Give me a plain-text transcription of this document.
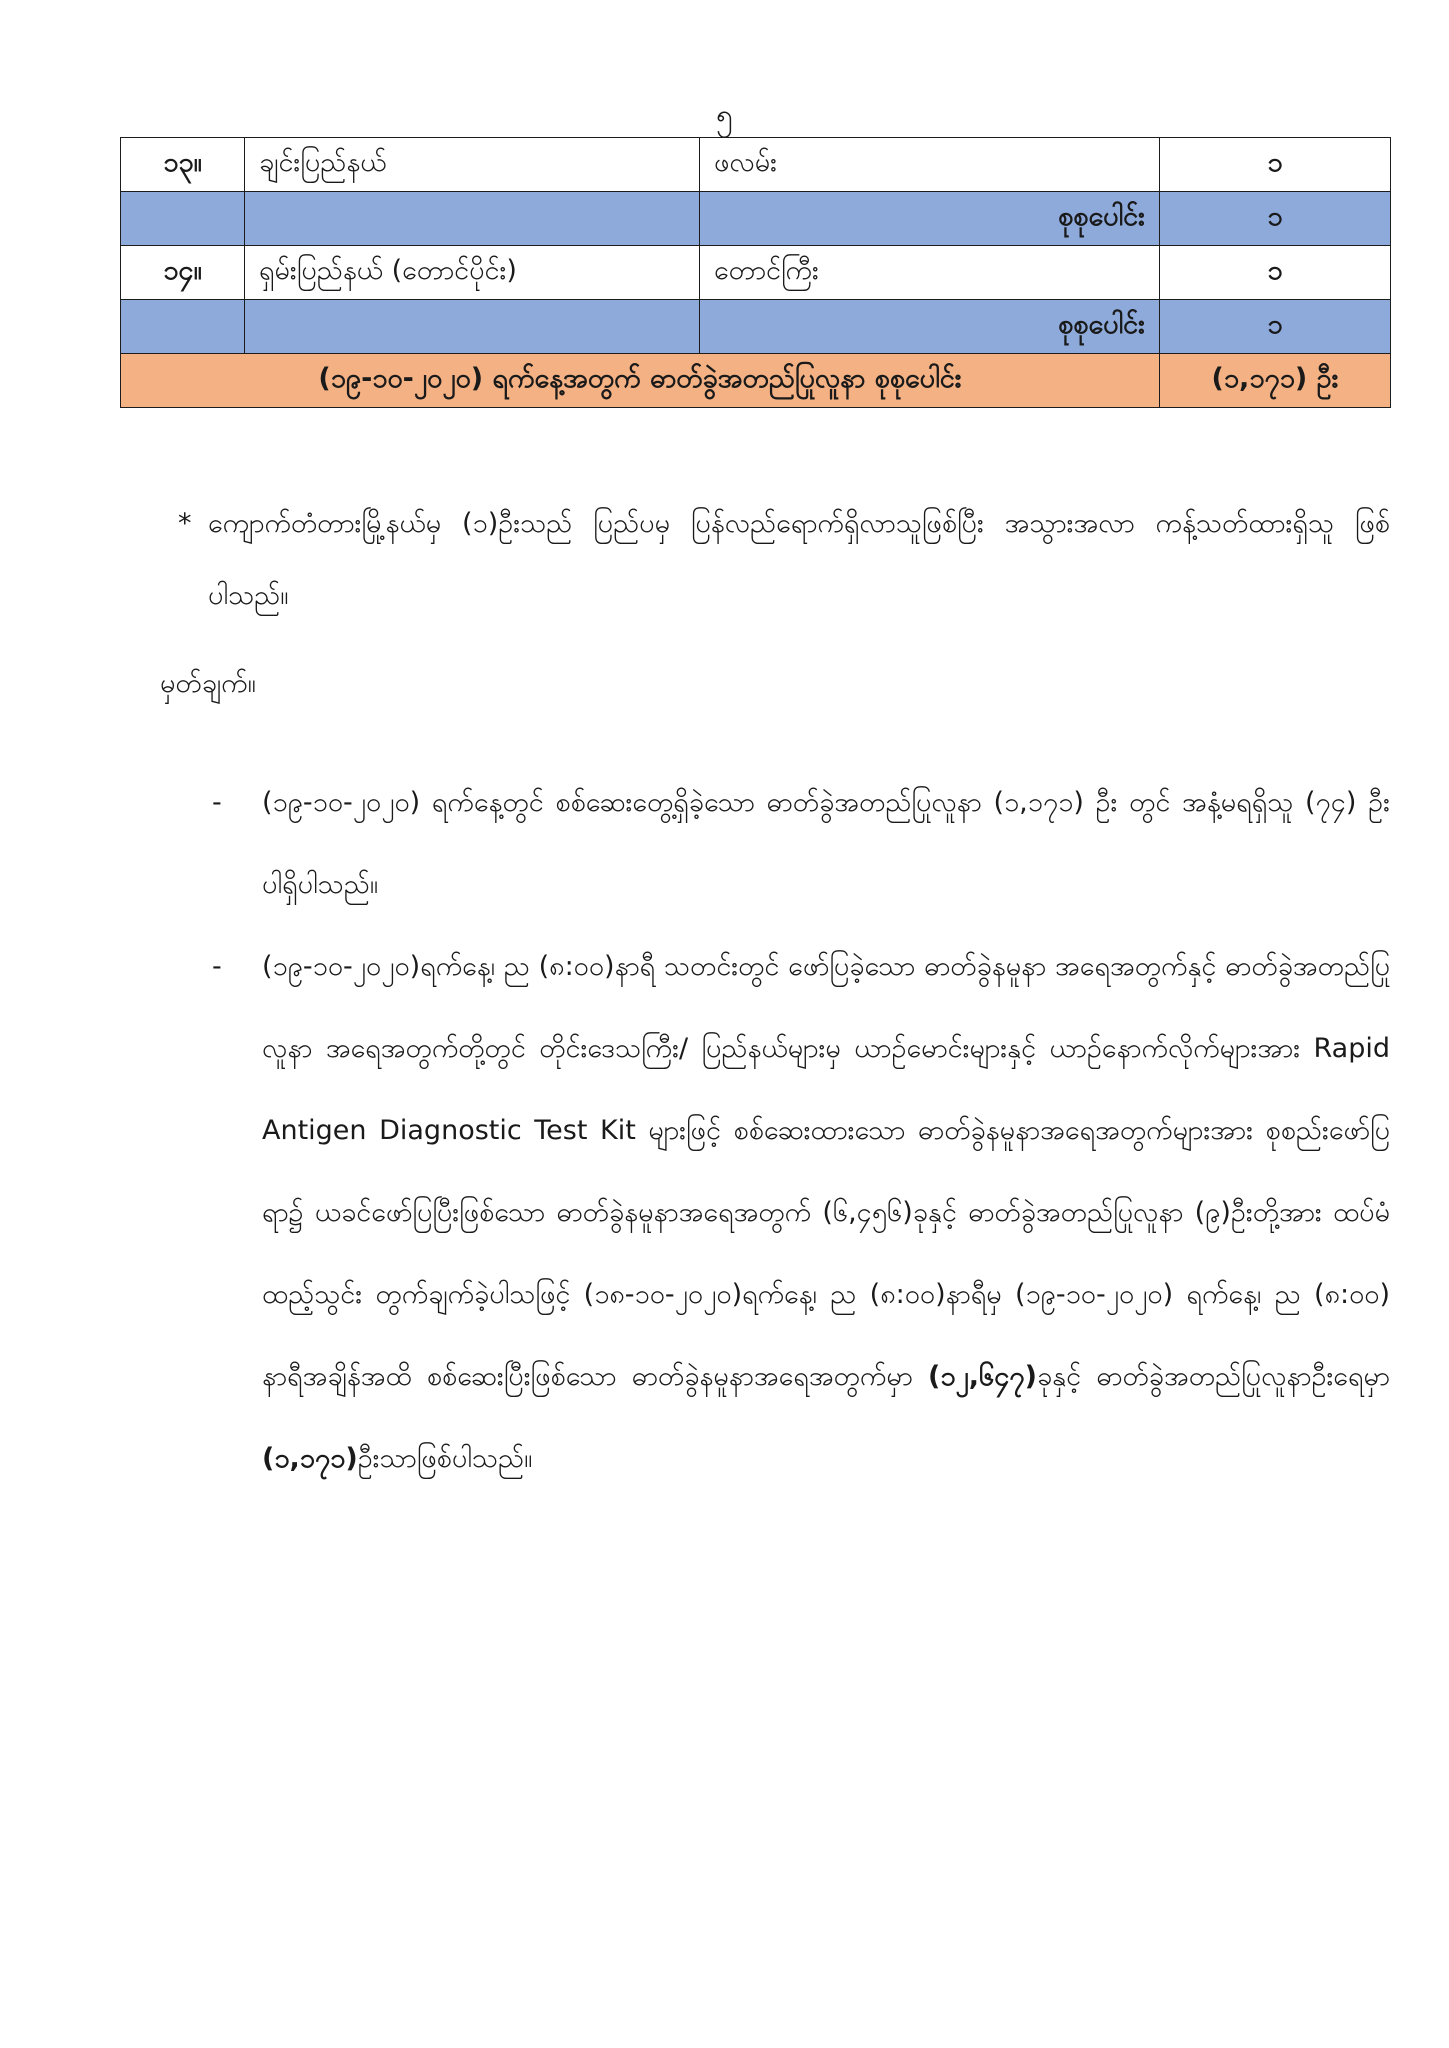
၅
၁၃။	ချင်းပြည်နယ်	ဖလမ်း	၁
		စုစုပေါင်း	၁
၁၄။	ရှမ်းပြည်နယ် (တောင်ပိုင်း)	တောင်ကြီး	၁
		စုစုပေါင်း	၁
(၁၉-၁၀-၂၀၂၀) ရက်နေ့အတွက် ဓာတ်ခွဲအတည်ပြုလူနာ စုစုပေါင်း			(၁,၁၇၁) ဦး
* ကျောက်တံတားမြို့နယ်မှ (၁)ဦးသည် ပြည်ပမှ ပြန်လည်ရောက်ရှိလာသူဖြစ်ပြီး အသွားအလာ ကန့်သတ်ထားရှိသူ ဖြစ်ပါသည်။
မှတ်ချက်။
- (၁၉-၁၀-၂၀၂၀) ရက်နေ့တွင် စစ်ဆေးတွေ့ရှိခဲ့သော ဓာတ်ခွဲအတည်ပြုလူနာ (၁,၁၇၁) ဦး တွင် အနံ့မရရှိသူ (၇၄) ဦး ပါရှိပါသည်။
- (၁၉-၁၀-၂၀၂၀)ရက်နေ့၊ ည (၈:၀၀)နာရီ သတင်းတွင် ဖော်ပြခဲ့သော ဓာတ်ခွဲနမူနာ အရေအတွက်နှင့် ဓာတ်ခွဲအတည်ပြုလူနာ အရေအတွက်တို့တွင် တိုင်းဒေသကြီး/ ပြည်နယ်များမှ ယာဉ်မောင်းများနှင့် ယာဉ်နောက်လိုက်များအား Rapid Antigen Diagnostic Test Kit များဖြင့် စစ်ဆေးထားသော ဓာတ်ခွဲနမူနာအရေအတွက်များအား စုစည်းဖော်ပြရာ၌ ယခင်ဖော်ပြပြီးဖြစ်သော ဓာတ်ခွဲနမူနာအရေအတွက် (၆,၄၅၆)ခုနှင့် ဓာတ်ခွဲအတည်ပြုလူနာ (၉)ဦးတို့အား ထပ်မံ ထည့်သွင်း တွက်ချက်ခဲ့ပါသဖြင့် (၁၈-၁၀-၂၀၂၀)ရက်နေ့၊ ည (၈:၀၀)နာရီမှ (၁၉-၁၀-၂၀၂၀) ရက်နေ့၊ ည (၈:၀၀) နာရီအချိန်အထိ စစ်ဆေးပြီးဖြစ်သော ဓာတ်ခွဲနမူနာအရေအတွက်မှာ (၁၂,၆၄၇)ခုနှင့် ဓာတ်ခွဲအတည်ပြုလူနာဦးရေမှာ (၁,၁၇၁)ဦးသာဖြစ်ပါသည်။
